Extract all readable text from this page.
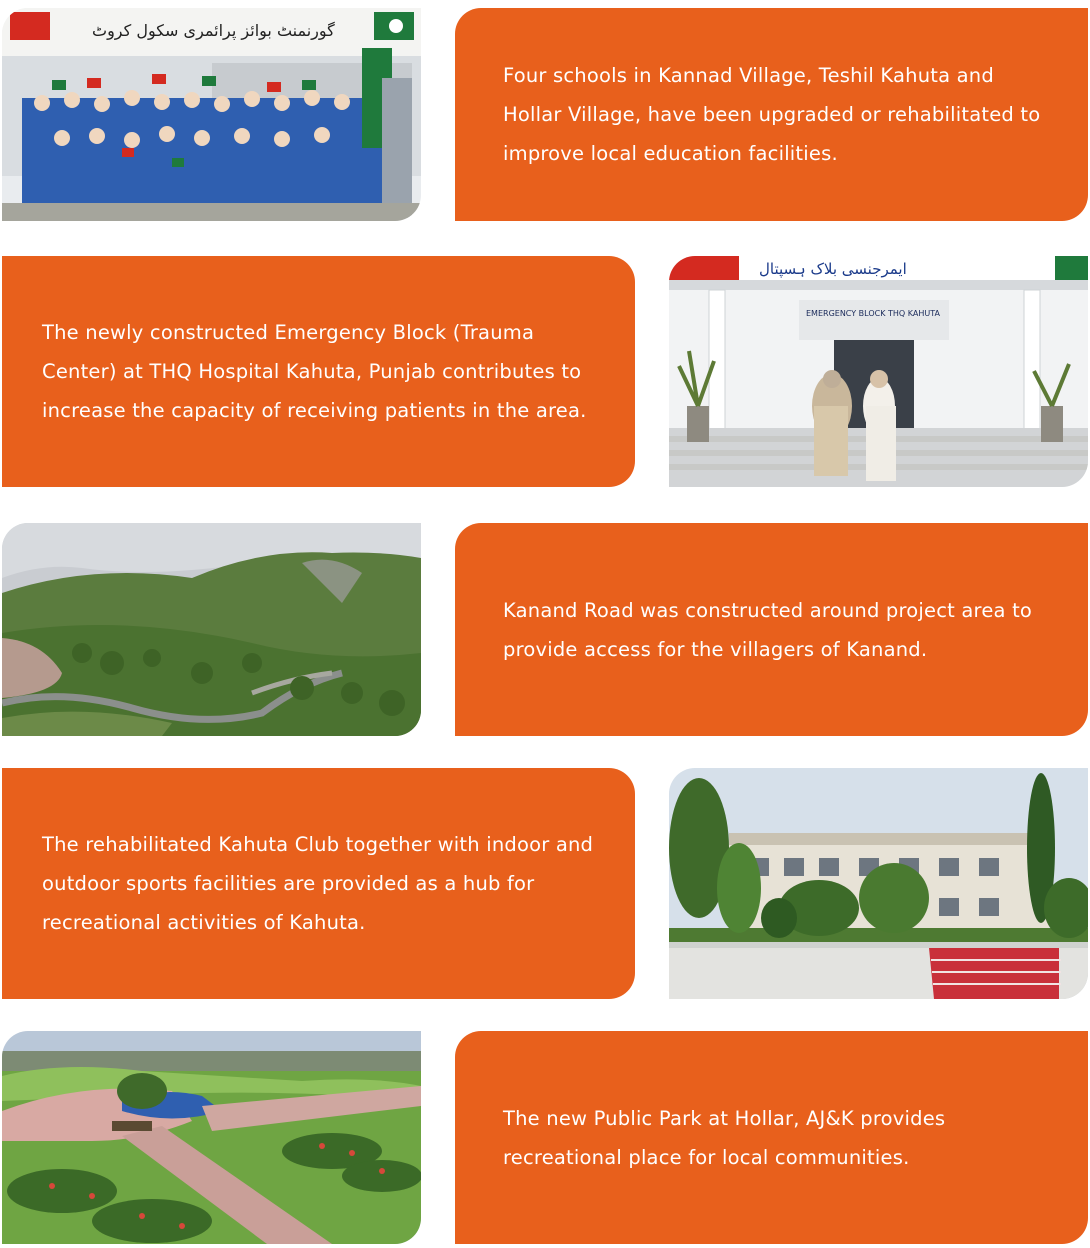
گورنمنٹ بوائز پرائمری سکول کروٹ

Four schools in Kannad Village, Teshil Kahuta and Hollar Village, have been upgraded or rehabilitated to improve local education facilities.

The newly constructed Emergency Block (Trauma Center) at THQ Hospital Kahuta, Punjab contributes to increase the capacity of receiving patients in the area.

ایمرجنسی بلاک ہسپتال
EMERGENCY BLOCK THQ KAHUTA

Kanand Road was constructed around project area to provide access for the villagers of Kanand.

The rehabilitated Kahuta Club together with indoor and outdoor sports facilities are provided as a hub for recreational activities of Kahuta.

The new Public Park at Hollar, AJ&K provides recreational place for local communities.
